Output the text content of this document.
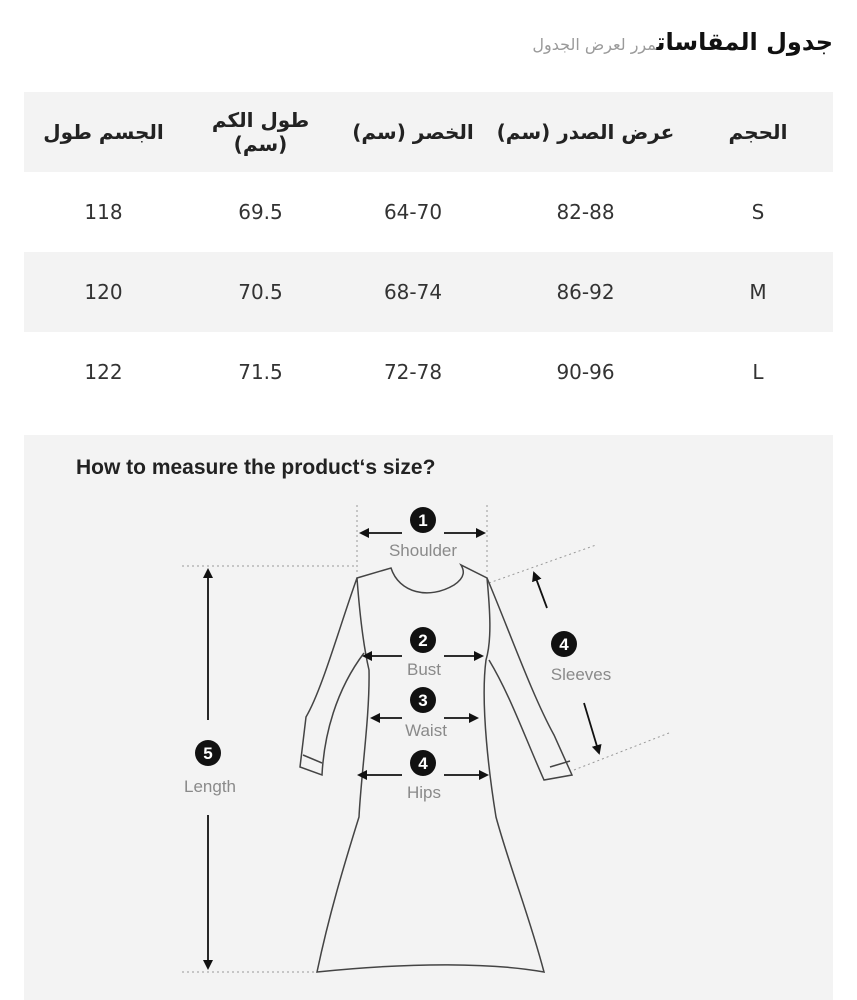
جدول المقاساتمرر لعرض الجدول
الحجم
عرض الصدر (سم)
الخصر (سم)
طول الكم (سم)
الجسم طول
S
82-88
64-70
69.5
118
M
86-92
68-74
70.5
120
L
90-96
72-78
71.5
122
How to measure the product‘s size?
1
Shoulder
2
Bust
3
Waist
4
Hips
4
Sleeves
5
Length
